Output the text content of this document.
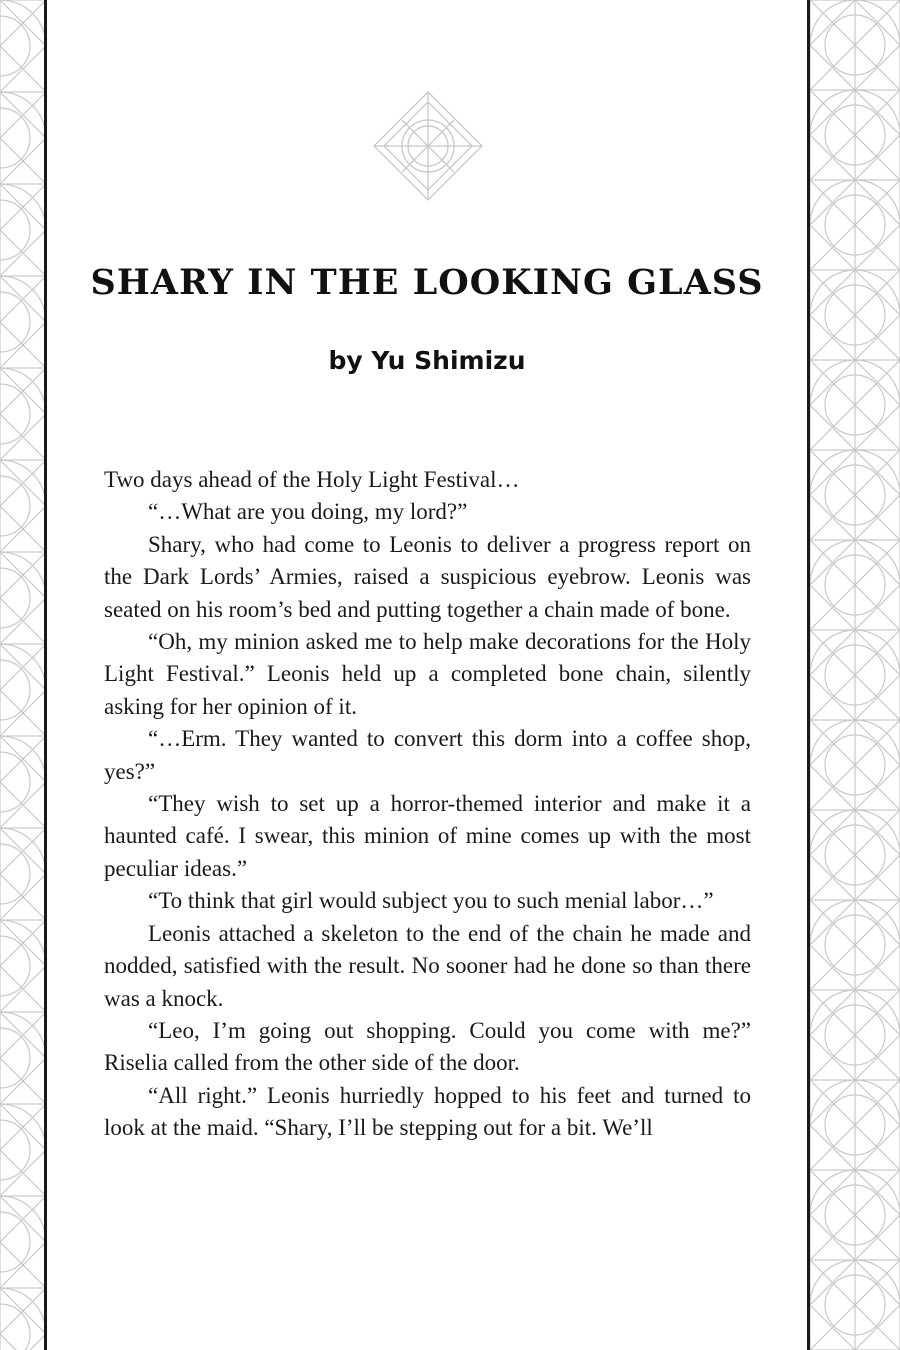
SHARY IN THE LOOKING GLASS
by Yu Shimizu

Two days ahead of the Holy Light Festival…

“…What are you doing, my lord?”

Shary, who had come to Leonis to deliver a progress report on the Dark Lords’ Armies, raised a suspicious eyebrow. Leonis was seated on his room’s bed and putting together a chain made of bone.

“Oh, my minion asked me to help make decorations for the Holy Light Festival.” Leonis held up a completed bone chain, silently asking for her opinion of it.

“…Erm. They wanted to convert this dorm into a coffee shop, yes?”

“They wish to set up a horror-themed interior and make it a haunted café. I swear, this minion of mine comes up with the most peculiar ideas.”

“To think that girl would subject you to such menial labor…”

Leonis attached a skeleton to the end of the chain he made and nodded, satisfied with the result. No sooner had he done so than there was a knock.

“Leo, I’m going out shopping. Could you come with me?” Riselia called from the other side of the door.

“All right.” Leonis hurriedly hopped to his feet and turned to look at the maid. “Shary, I’ll be stepping out for a bit. We’ll
